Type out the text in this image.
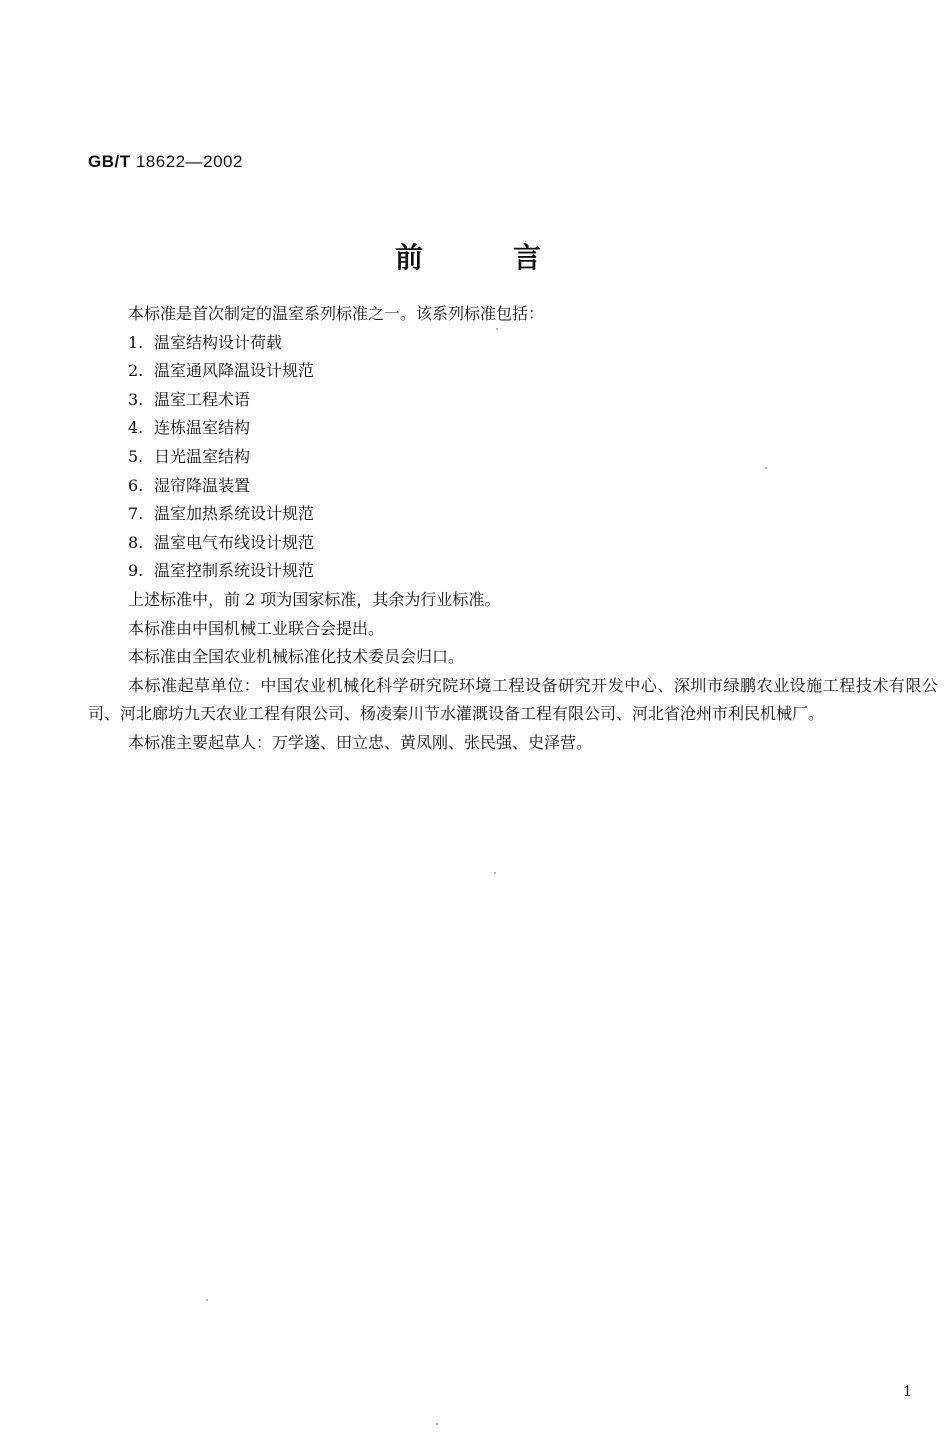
GB/T 18622—2002
前言

本标准是首次制定的温室系列标准之一。该系列标准包括：

1. 温室结构设计荷载

2. 温室通风降温设计规范

3. 温室工程术语

4. 连栋温室结构

5. 日光温室结构

6. 湿帘降温装置

7. 温室加热系统设计规范

8. 温室电气布线设计规范

9. 温室控制系统设计规范

上述标准中，前 2 项为国家标准，其余为行业标准。

本标准由中国机械工业联合会提出。

本标准由全国农业机械标准化技术委员会归口。

本标准起草单位：中国农业机械化科学研究院环境工程设备研究开发中心、深圳市绿鹏农业设施工程技术有限公司、河北廊坊九天农业工程有限公司、杨凌秦川节水灌溉设备工程有限公司、河北省沧州市利民机械厂。

本标准主要起草人：万学遂、田立忠、黄凤刚、张民强、史泽营。

1
